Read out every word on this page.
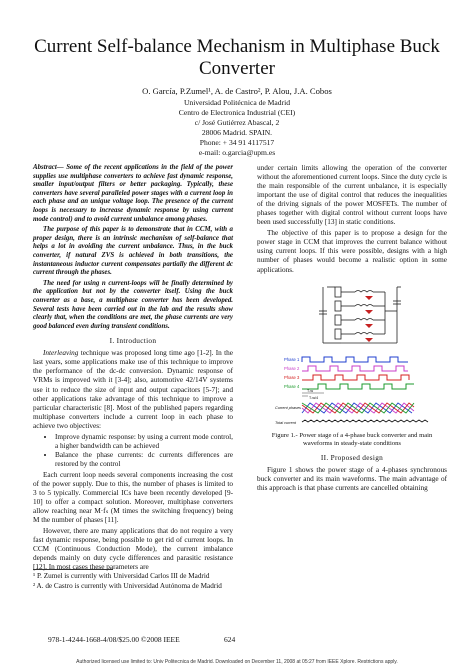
Current Self-balance Mechanism in Multiphase Buck Converter
O. García, P.Zumel¹, A. de Castro², P. Alou, J.A. Cobos
Universidad Politécnica de Madrid
Centro de Electronica Industrial (CEI)
c/ José Gutiérrez Abascal, 2
28006 Madrid. SPAIN.
Phone: + 34 91 4117517
e-mail: o.garcia@upm.es

Abstract— Some of the recent applications in the field of the power supplies use multiphase converters to achieve fast dynamic response, smaller input/output filters or better packaging. Typically, these converters have several paralleled power stages with a current loop in each phase and an unique voltage loop. The presence of the current loops is necessary to increase dynamic response by using current mode control) and to avoid current unbalance among phases.

The purpose of this paper is to demonstrate that in CCM, with a proper design, there is an intrinsic mechanism of self-balance that helps a lot in avoiding the current unbalance. Thus, in the buck converter, if natural ZVS is achieved in both transitions, the instantaneous inductor current compensates partially the different dc current through the phases.

The need for using n current-loops will be finally determined by the application but not by the converter itself. Using the buck converter as a base, a multiphase converter has been developed. Several tests have been carried out in the lab and the results show clearly that, when the conditions are met, the phase currents are very good balanced even during transient conditions.

I. Introduction

Interleaving technique was proposed long time ago [1-2]. In the last years, some applications make use of this technique to improve the performance of the dc-dc conversion. Dynamic response of VRMs is improved with it [3-4]; also, automotive 42/14V systems use it to reduce the size of input and output capacitors [5-7]; and other applications take advantage of this technique to improve a particular characteristic [8]. Most of the published papers regarding multiphase converters include a current loop in each phase to achieve two objectives:

• Improve dynamic response: by using a current mode control, a higher bandwidth can be achieved
• Balance the phase currents: dc currents differences are restored by the control

Each current loop needs several components increasing the cost of the power supply. Due to this, the number of phases is limited to 3 to 5 typically. Commercial ICs have been recently developed [9-10] to offer a compact solution. Moreover, multiphase converters allow reaching near M·fₛ (M times the switching frequency) being M the number of phases [11].

However, there are many applications that do not require a very fast dynamic response, being possible to get rid of current loops. In CCM (Continuous Conduction Mode), the current imbalance depends mainly on duty cycle differences and parasitic resistance [12]. In most cases these parameters are

under certain limits allowing the operation of the converter without the aforementioned current loops. Since the duty cycle is the main responsible of the current unbalance, it is especially important the use of digital control that reduces the inequalities of the driving signals of the power MOSFETs. The number of phases together with digital control without current loops have been used successfully [13] in static conditions.

The objective of this paper is to propose a design for the power stage in CCM that improves the current balance without using current loops. If this were possible, designs with a high number of phases would become a realistic option in some applications.

Phase 1
Phase 2
Phase 3
Phase 4
Tₛw
Tₛw/4
Current phases
Total current
Figure 1.- Power stage of a 4-phase buck converter and main waveforms in steady-state conditions
II. Proposed design

Figure 1 shows the power stage of a 4-phases synchronous buck converter and its main waveforms. The main advantage of this approach is that phase currents are cancelled obtaining

¹ P. Zumel is currently with Universidad Carlos III de Madrid
² A. de Castro is currently with Universidad Autónoma de Madrid
978-1-4244-1668-4/08/$25.00 ©2008 IEEE	624
Authorized licensed use limited to: Univ Politecnica de Madrid. Downloaded on December 11, 2008 at 05:27 from IEEE Xplore. Restrictions apply.
